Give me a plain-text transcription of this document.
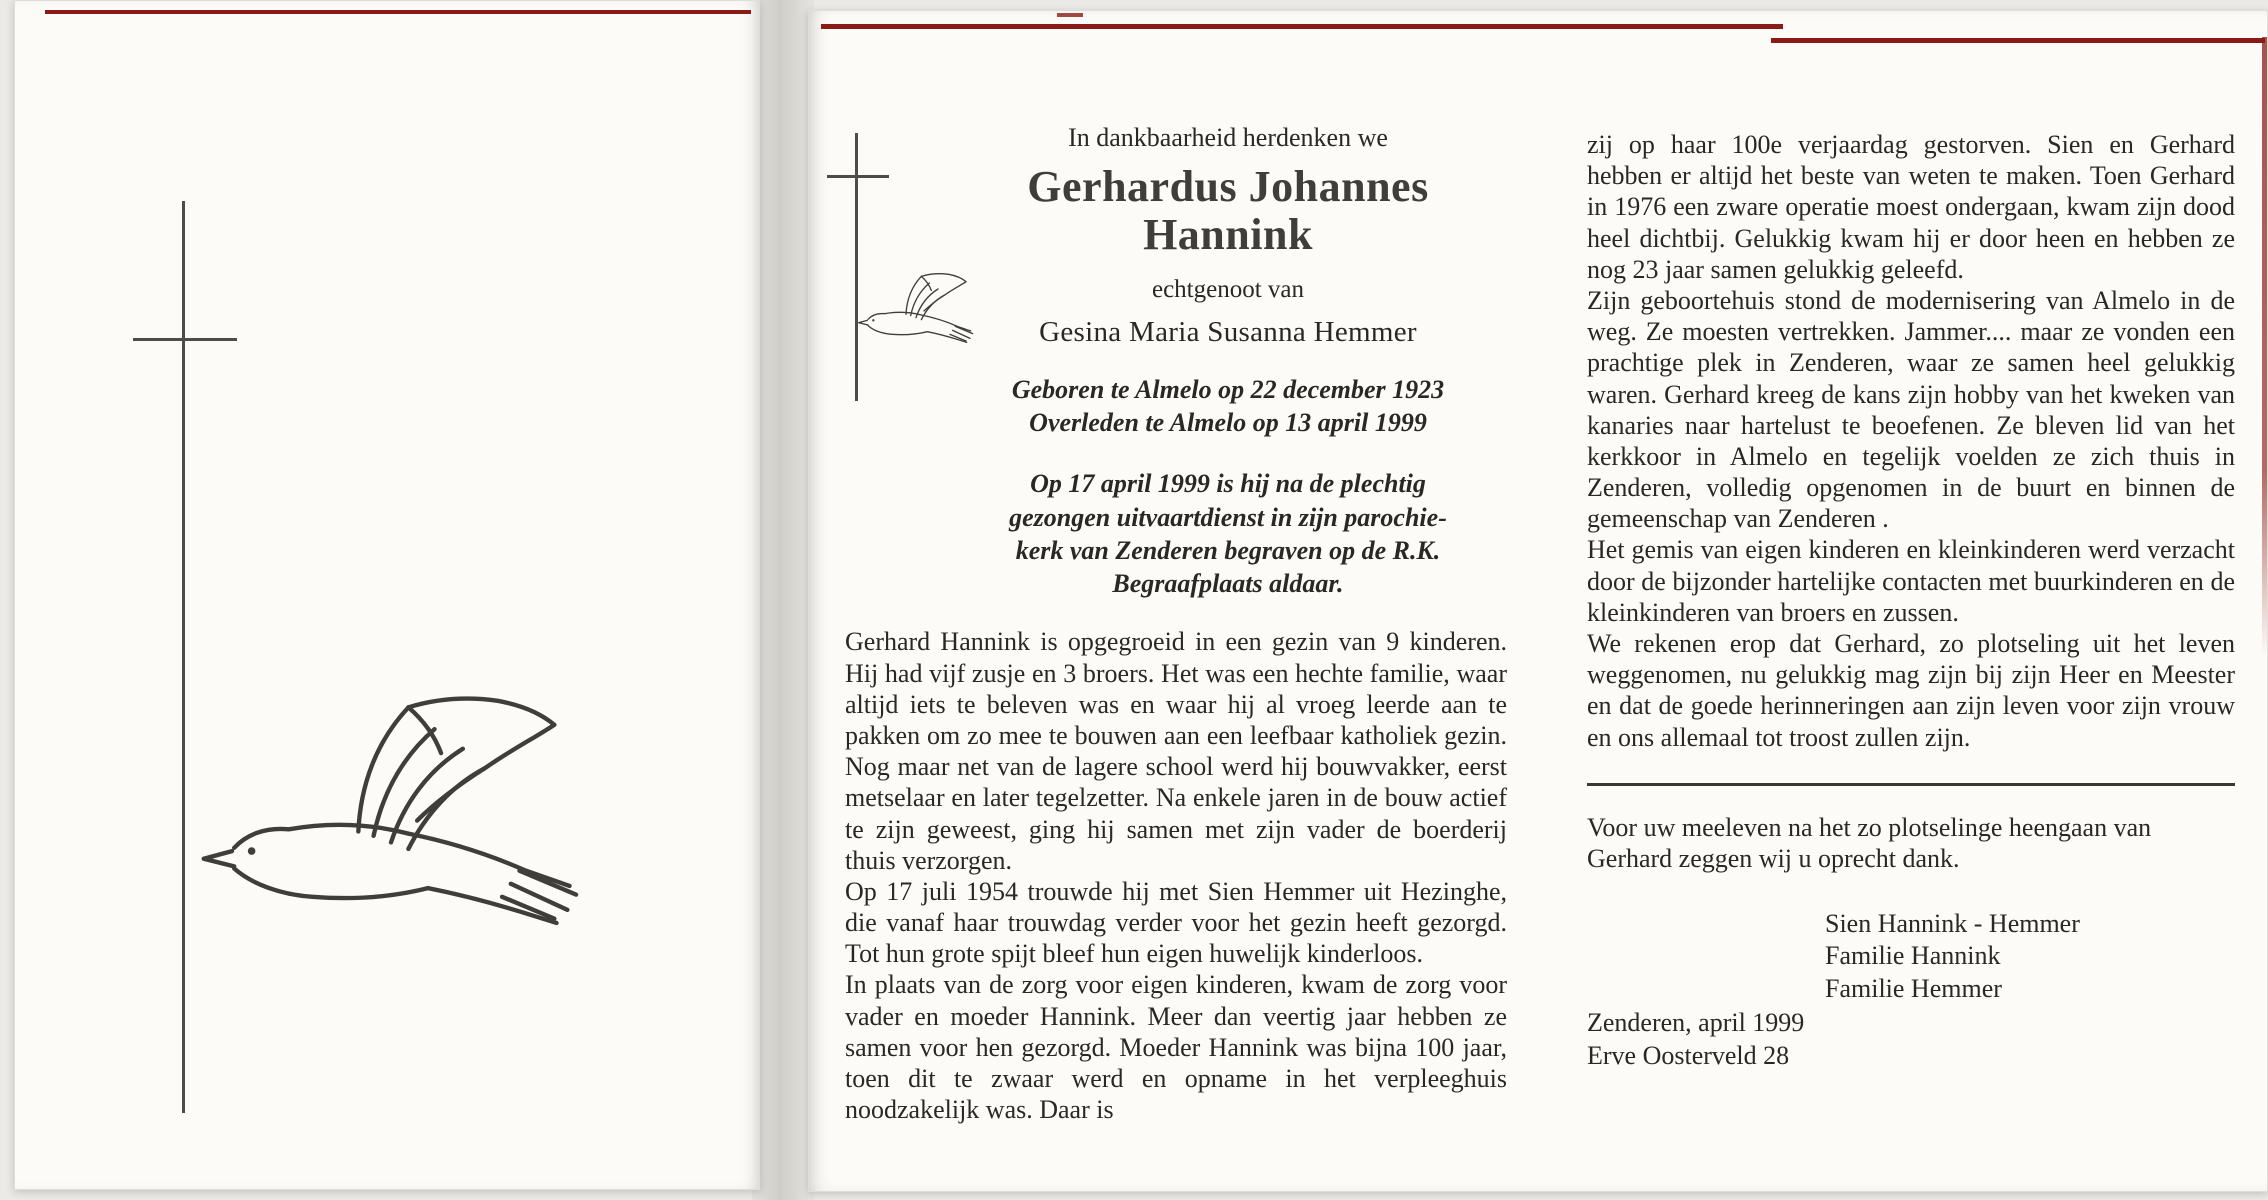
In dankbaarheid herdenken we
Gerhardus Johannes
Hannink
echtgenoot van
Gesina Maria Susanna Hemmer
Geboren te Almelo op 22 december 1923
Overleden te Almelo op 13 april 1999
Op 17 april 1999 is hij na de plechtig
gezongen uitvaartdienst in zijn parochie-
kerk van Zenderen begraven op de R.K.
Begraafplaats aldaar.

Gerhard Hannink is opgegroeid in een gezin van 9 kinderen. Hij had vijf zusje en 3 broers. Het was een hechte familie, waar altijd iets te beleven was en waar hij al vroeg leerde aan te pakken om zo mee te bouwen aan een leefbaar katholiek gezin. Nog maar net van de lagere school werd hij bouwvakker, eerst metselaar en later tegelzetter. Na enkele jaren in de bouw actief te zijn geweest, ging hij samen met zijn vader de boerderij thuis verzorgen.

Op 17 juli 1954 trouwde hij met Sien Hemmer uit Hezinghe, die vanaf haar trouwdag verder voor het gezin heeft gezorgd. Tot hun grote spijt bleef hun eigen huwelijk kinderloos.

In plaats van de zorg voor eigen kinderen, kwam de zorg voor vader en moeder Hannink. Meer dan veertig jaar hebben ze samen voor hen gezorgd. Moeder Hannink was bijna 100 jaar, toen dit te zwaar werd en opname in het verpleeghuis noodzakelijk was. Daar is

zij op haar 100e verjaardag gestorven. Sien en Gerhard hebben er altijd het beste van weten te maken. Toen Gerhard in 1976 een zware operatie moest ondergaan, kwam zijn dood heel dichtbij. Gelukkig kwam hij er door heen en hebben ze nog 23 jaar samen gelukkig geleefd.

Zijn geboortehuis stond de modernisering van Almelo in de weg. Ze moesten vertrekken. Jammer.... maar ze vonden een prachtige plek in Zenderen, waar ze samen heel gelukkig waren. Gerhard kreeg de kans zijn hobby van het kweken van kanaries naar hartelust te beoefenen. Ze bleven lid van het kerkkoor in Almelo en tegelijk voelden ze zich thuis in Zenderen, volledig opgenomen in de buurt en binnen de gemeenschap van Zenderen .

Het gemis van eigen kinderen en kleinkinderen werd verzacht door de bijzonder hartelijke contacten met buurkinderen en de kleinkinderen van broers en zussen.

We rekenen erop dat Gerhard, zo plotseling uit het leven weggenomen, nu gelukkig mag zijn bij zijn Heer en Meester en dat de goede herinneringen aan zijn leven voor zijn vrouw en ons allemaal tot troost zullen zijn.

Voor uw meeleven na het zo plotselinge heengaan van Gerhard zeggen wij u oprecht dank.

Sien Hannink - Hemmer
Familie Hannink
Familie Hemmer
Zenderen, april 1999
Erve Oosterveld 28
